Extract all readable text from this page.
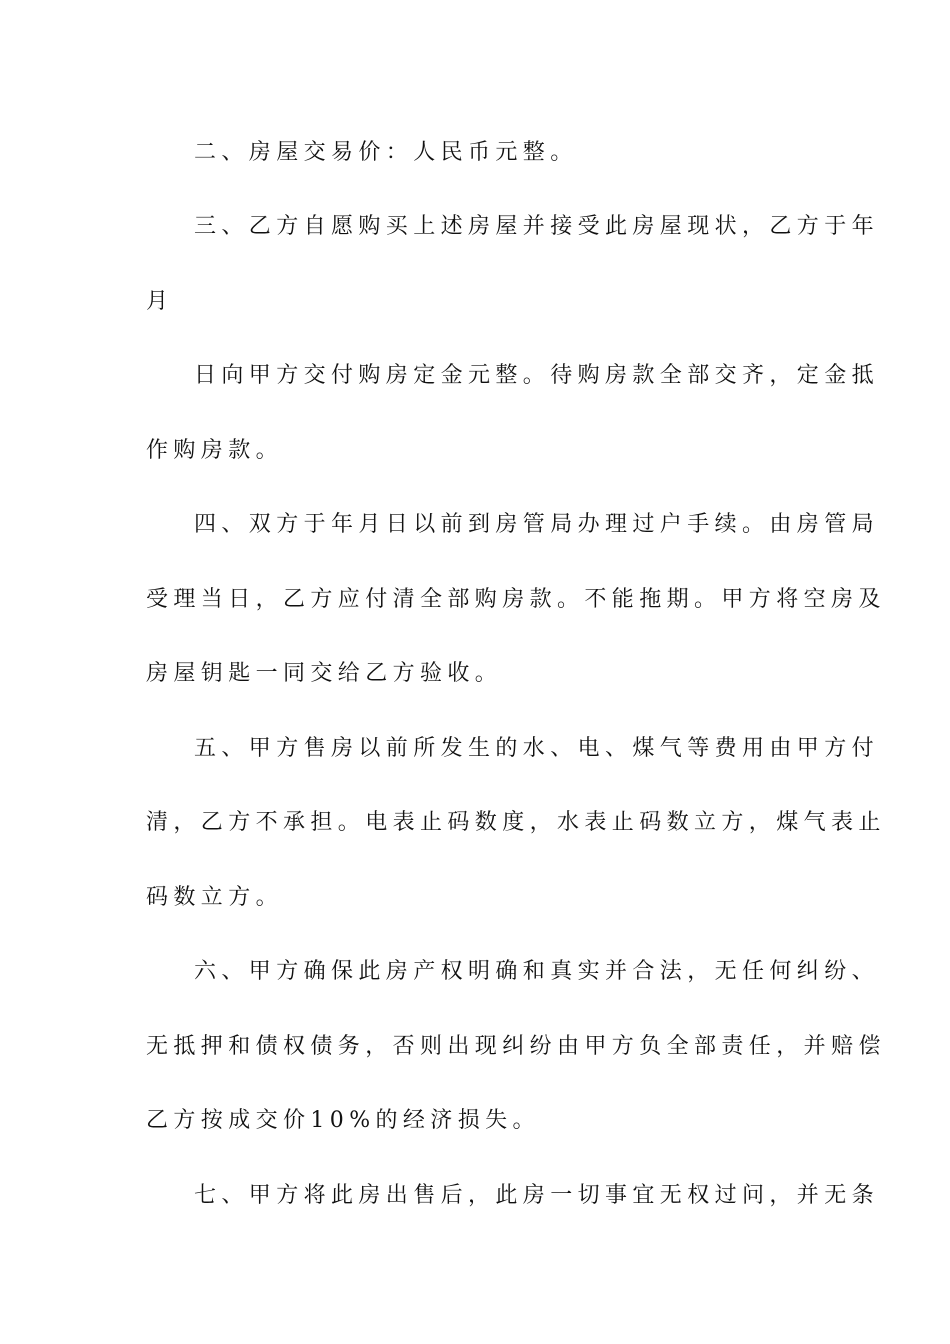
二、房屋交易价：人民币元整。

三、乙方自愿购买上述房屋并接受此房屋现状，乙方于年

月

日向甲方交付购房定金元整。待购房款全部交齐，定金抵

作购房款。

四、双方于年月日以前到房管局办理过户手续。由房管局

受理当日，乙方应付清全部购房款。不能拖期。甲方将空房及

房屋钥匙一同交给乙方验收。

五、甲方售房以前所发生的水、电、煤气等费用由甲方付

清，乙方不承担。电表止码数度，水表止码数立方，煤气表止

码数立方。

六、甲方确保此房产权明确和真实并合法，无任何纠纷、

无抵押和债权债务，否则出现纠纷由甲方负全部责任，并赔偿

乙方按成交价10%的经济损失。

七、甲方将此房出售后，此房一切事宜无权过问，并无条
